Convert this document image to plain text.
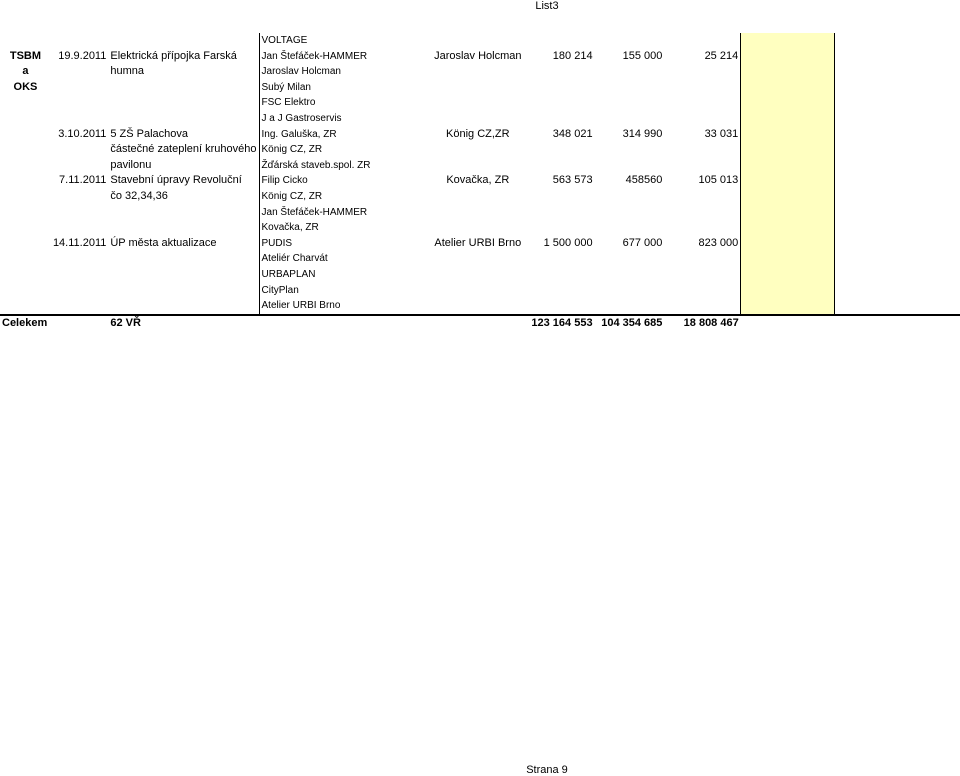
List3
			VOLTAGE						
TSBM	19.9.2011	Elektrická přípojka Farská	Jan Štefáček-HAMMER	Jaroslav Holcman	180 214	155 000	25 214		
a		humna	Jaroslav Holcman						
OKS			Subý Milan						
			FSC Elektro						
			J a J Gastroservis						
	3.10.2011	5 ZŠ Palachova	Ing. Galuška, ZR	König CZ,ZR	348 021	314 990	33 031		
		částečné zateplení kruhového	König CZ, ZR						
		pavilonu	Žďárská staveb.spol. ZR						
	7.11.2011	Stavební úpravy Revoluční	Filip Cicko	Kovačka, ZR	563 573	458560	105 013		
		čo 32,34,36	König CZ, ZR						
			Jan Štefáček-HAMMER						
			Kovačka, ZR						
	14.11.2011	ÚP města aktualizace	PUDIS	Atelier URBI Brno	1 500 000	677 000	823 000		
			Ateliér Charvát						
			URBAPLAN						
			CityPlan						
			Atelier URBI Brno						
Celekem		62 VŘ			123 164 553	104 354 685	18 808 467		
Strana 9
